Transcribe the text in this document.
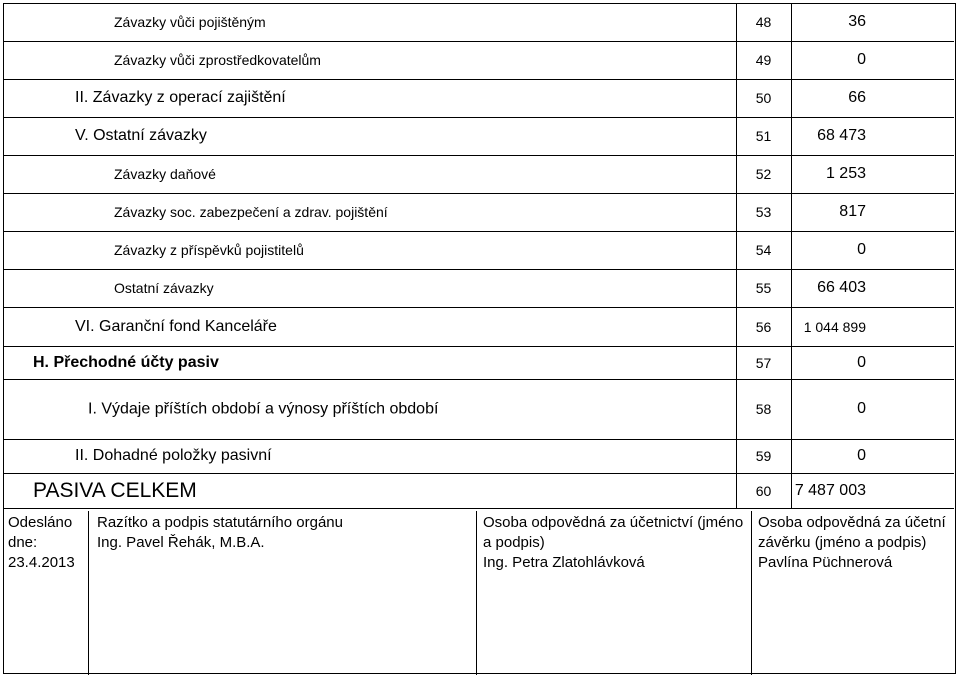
Závazky vůči pojištěným	48	36

Závazky vůči zprostředkovatelům	49	0

II. Závazky z operací zajištění	50	66

V. Ostatní závazky	51	68 473

Závazky daňové	52	1 253

Závazky soc. zabezpečení a zdrav. pojištění	53	817

Závazky z příspěvků pojistitelů	54	0

Ostatní závazky	55	66 403

VI. Garanční fond Kanceláře	56	1 044 899

H. Přechodné účty pasiv	57	0

I. Výdaje příštích období a výnosy příštích období	58	0

II. Dohadné položky pasivní	59	0

PASIVA CELKEM	60	7 487 003
Odesláno dne:
23.4.2013
Razítko a podpis statutárního orgánu
Ing. Pavel Řehák, M.B.A.
Osoba odpovědná za účetnictví (jméno a podpis)
Ing. Petra Zlatohlávková
Osoba odpovědná za účetní závěrku (jméno a podpis)
Pavlína Püchnerová
